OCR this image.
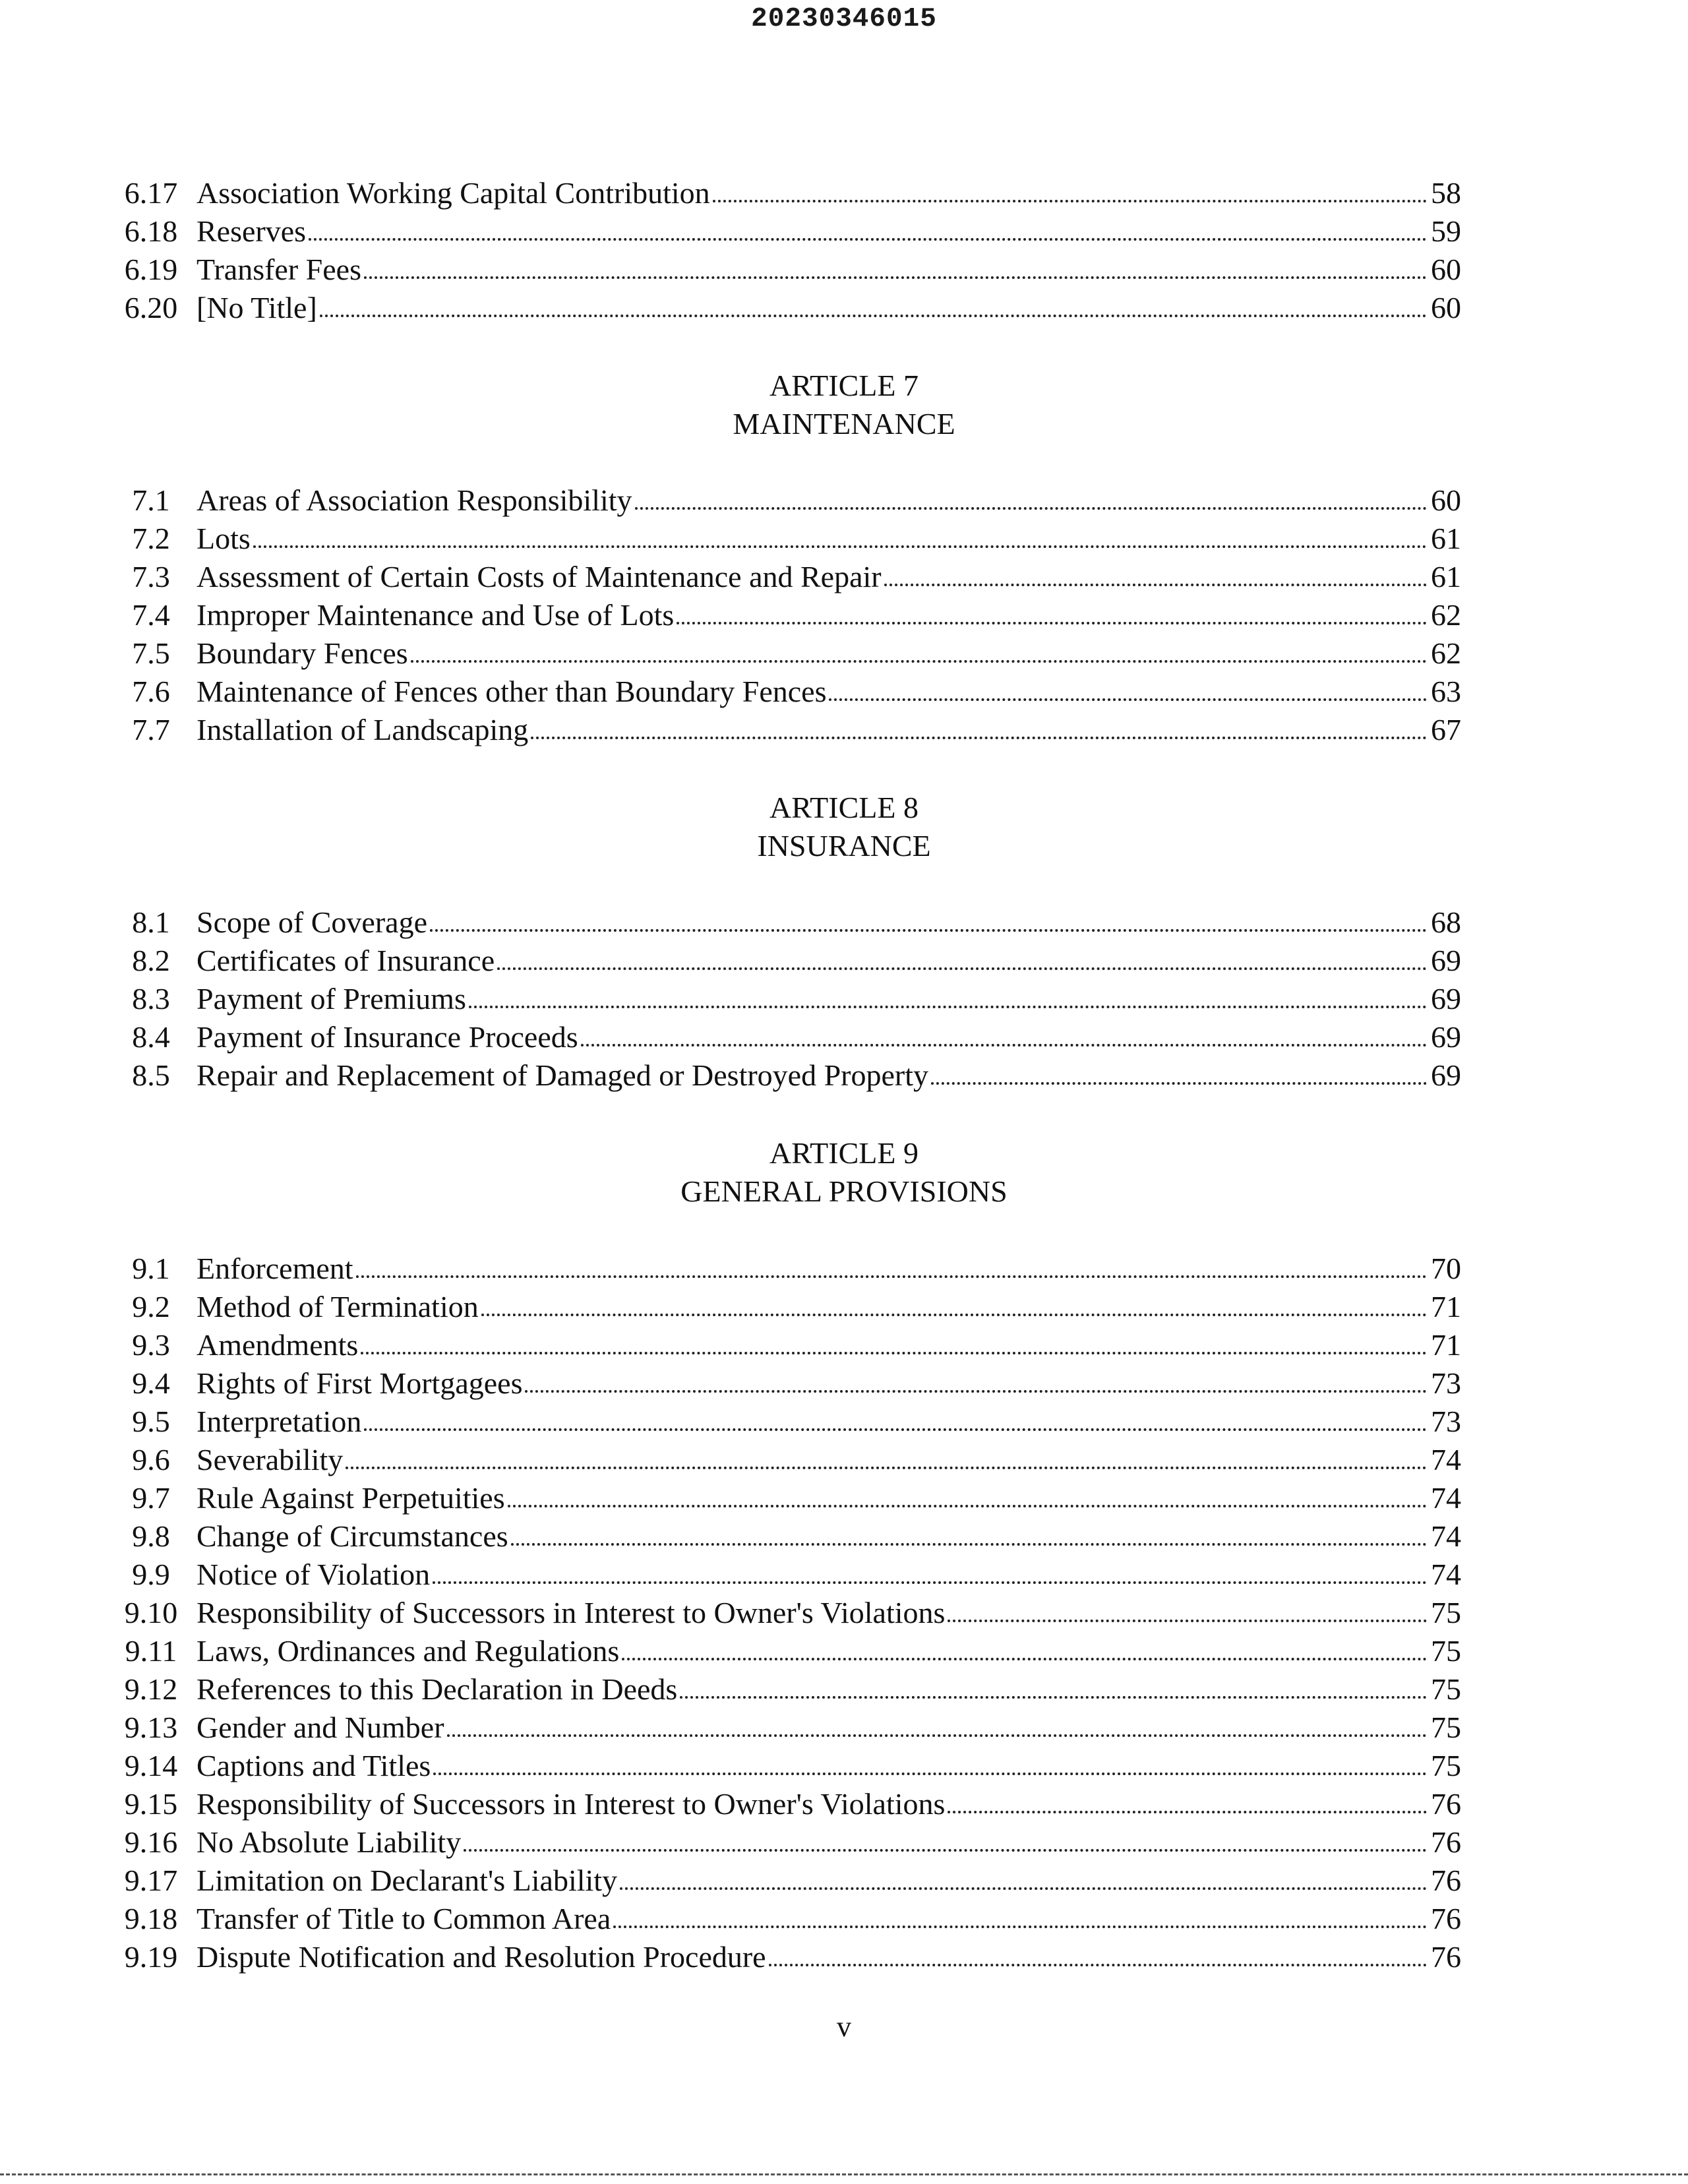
20230346015
6.17 Association Working Capital Contribution	58
6.18 Reserves	59
6.19 Transfer Fees	60
6.20 [No Title]	60
ARTICLE 7
MAINTENANCE
7.1 Areas of Association Responsibility	60
7.2 Lots	61
7.3 Assessment of Certain Costs of Maintenance and Repair	61
7.4 Improper Maintenance and Use of Lots	62
7.5 Boundary Fences	62
7.6 Maintenance of Fences other than Boundary Fences	63
7.7 Installation of Landscaping	67
ARTICLE 8
INSURANCE
8.1 Scope of Coverage	68
8.2 Certificates of Insurance	69
8.3 Payment of Premiums	69
8.4 Payment of Insurance Proceeds	69
8.5 Repair and Replacement of Damaged or Destroyed Property	69
ARTICLE 9
GENERAL PROVISIONS
9.1 Enforcement	70
9.2 Method of Termination	71
9.3 Amendments	71
9.4 Rights of First Mortgagees	73
9.5 Interpretation	73
9.6 Severability	74
9.7 Rule Against Perpetuities	74
9.8 Change of Circumstances	74
9.9 Notice of Violation	74
9.10 Responsibility of Successors in Interest to Owner's Violations	75
9.11 Laws, Ordinances and Regulations	75
9.12 References to this Declaration in Deeds	75
9.13 Gender and Number	75
9.14 Captions and Titles	75
9.15 Responsibility of Successors in Interest to Owner's Violations	76
9.16 No Absolute Liability	76
9.17 Limitation on Declarant's Liability	76
9.18 Transfer of Title to Common Area	76
9.19 Dispute Notification and Resolution Procedure	76
v
